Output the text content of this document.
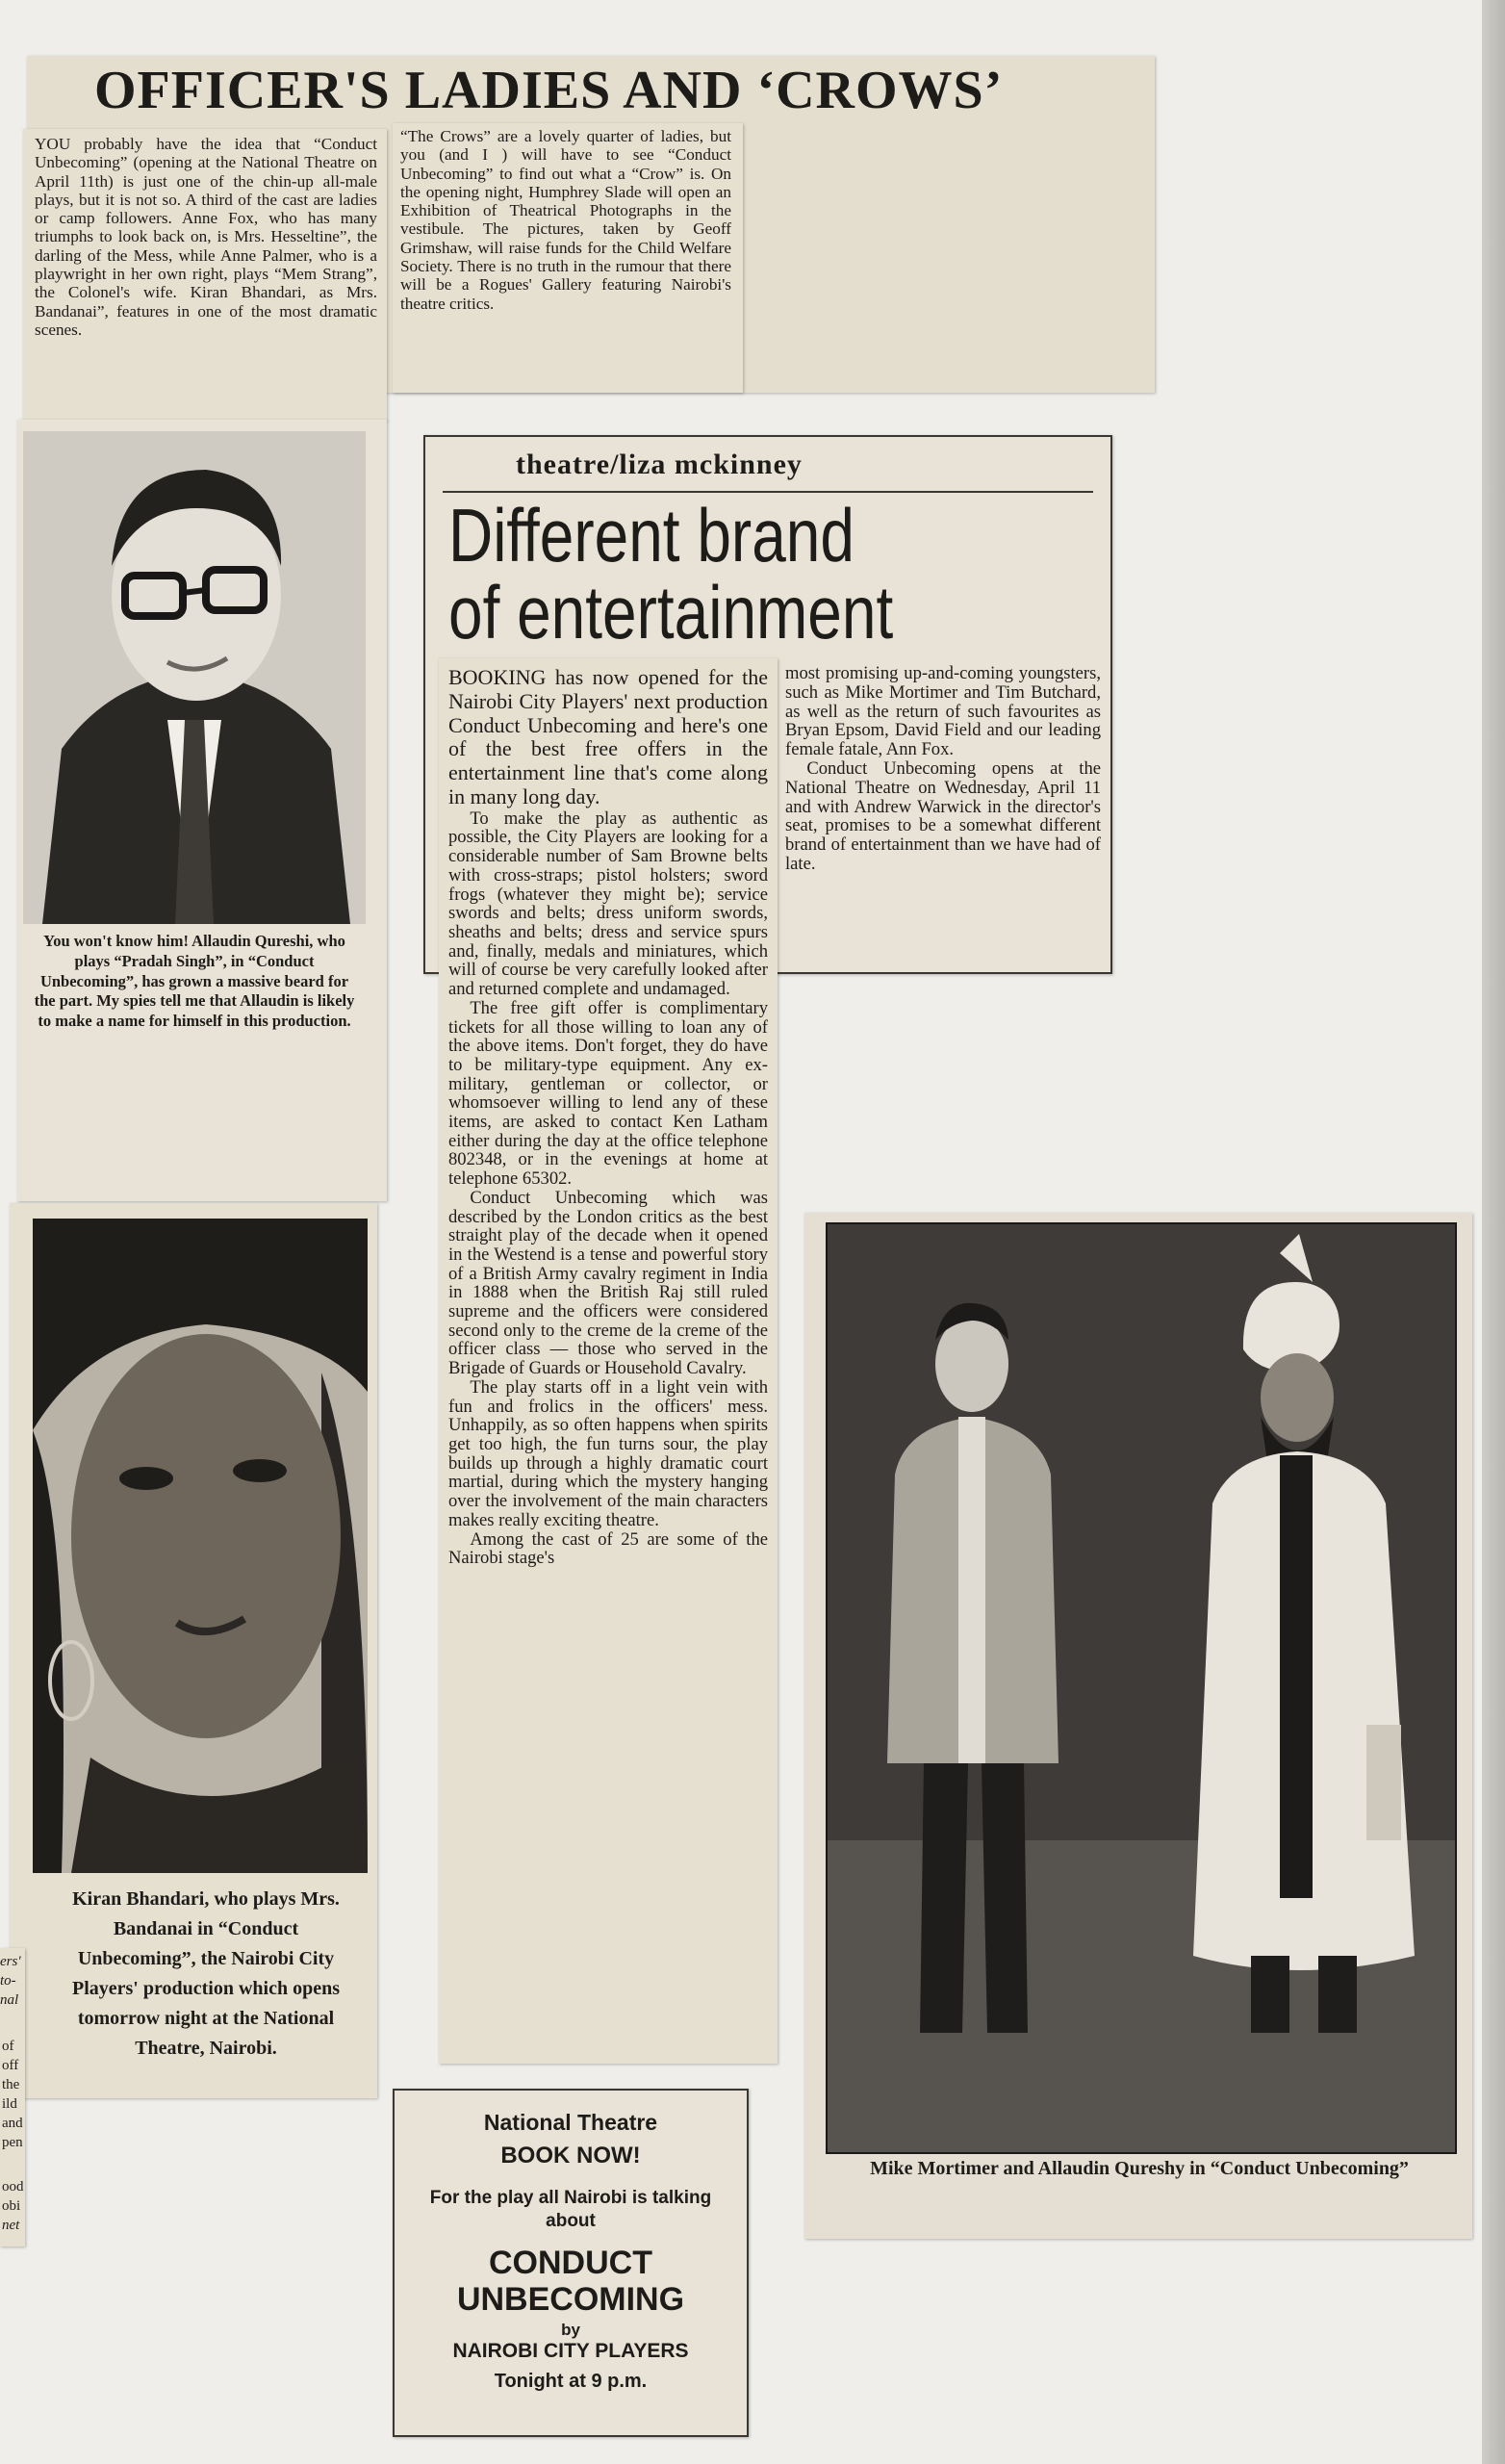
OFFICER'S LADIES AND ‘CROWS’
YOU probably have the idea that “Conduct Unbecoming” (opening at the National Theatre on April 11th) is just one of the chin-up all-male plays, but it is not so. A third of the cast are ladies or camp followers. Anne Fox, who has many triumphs to look back on, is Mrs. Hesseltine”, the darling of the Mess, while Anne Palmer, who is a playwright in her own right, plays “Mem Strang”, the Colonel's wife. Kiran Bhandari, as Mrs. Bandanai”, features in one of the most dramatic scenes.
“The Crows” are a lovely quarter of ladies, but you (and I ) will have to see “Conduct Unbecoming” to find out what a “Crow” is. On the opening night, Humphrey Slade will open an Exhibition of Theatrical Photographs in the vestibule. The pictures, taken by Geoff Grimshaw, will raise funds for the Child Welfare Society. There is no truth in the rumour that there will be a Rogues' Gallery featuring Nairobi's theatre critics.
You won't know him! Allaudin Qureshi, who plays “Pradah Singh”, in “Conduct Unbecoming”, has grown a massive beard for the part. My spies tell me that Allaudin is likely to make a name for himself in this production.
Kiran Bhandari, who plays Mrs. Bandanai in “Conduct Unbecoming”, the Nairobi City Players' production which opens tomorrow night at the National Theatre, Nairobi.
ers'
to-
nal
of
off
the
ild
and
pen
ood
obi
net
theatre/liza mckinney
Different brand
of entertainment
most promising up-and-coming youngsters, such as Mike Mortimer and Tim Butchard, as well as the return of such favourites as Bryan Epsom, David Field and our leading female fatale, Ann Fox.
Conduct Unbecoming opens at the National Theatre on Wednesday, April 11 and with Andrew Warwick in the director's seat, promises to be a somewhat different brand of entertainment than we have had of late.

BOOKING has now opened for the Nairobi City Players' next production Conduct Unbecoming and here's one of the best free offers in the entertainment line that's come along in many long day.

To make the play as authentic as possible, the City Players are looking for a considerable number of Sam Browne belts with cross-straps; pistol holsters; sword frogs (whatever they might be); service swords and belts; dress uniform swords, sheaths and belts; dress and service spurs and, finally, medals and miniatures, which will of course be very carefully looked after and returned complete and undamaged.

The free gift offer is complimentary tickets for all those willing to loan any of the above items. Don't forget, they do have to be military-type equipment. Any ex-military, gentleman or collector, or whomsoever willing to lend any of these items, are asked to contact Ken Latham either during the day at the office telephone 802348, or in the evenings at home at telephone 65302.

Conduct Unbecoming which was described by the London critics as the best straight play of the decade when it opened in the Westend is a tense and powerful story of a British Army cavalry regiment in India in 1888 when the British Raj still ruled supreme and the officers were considered second only to the creme de la creme of the officer class — those who served in the Brigade of Guards or Household Cavalry.

The play starts off in a light vein with fun and frolics in the officers' mess. Unhappily, as so often happens when spirits get too high, the fun turns sour, the play builds up through a highly dramatic court martial, during which the mystery hanging over the involvement of the main characters makes really exciting theatre.

Among the cast of 25 are some of the Nairobi stage's

Mike Mortimer and Allaudin Qureshy in “Conduct Unbecoming”
National Theatre
BOOK NOW!
For the play all Nairobi is talking about
CONDUCT
UNBECOMING
by
NAIROBI CITY PLAYERS
Tonight at 9 p.m.
